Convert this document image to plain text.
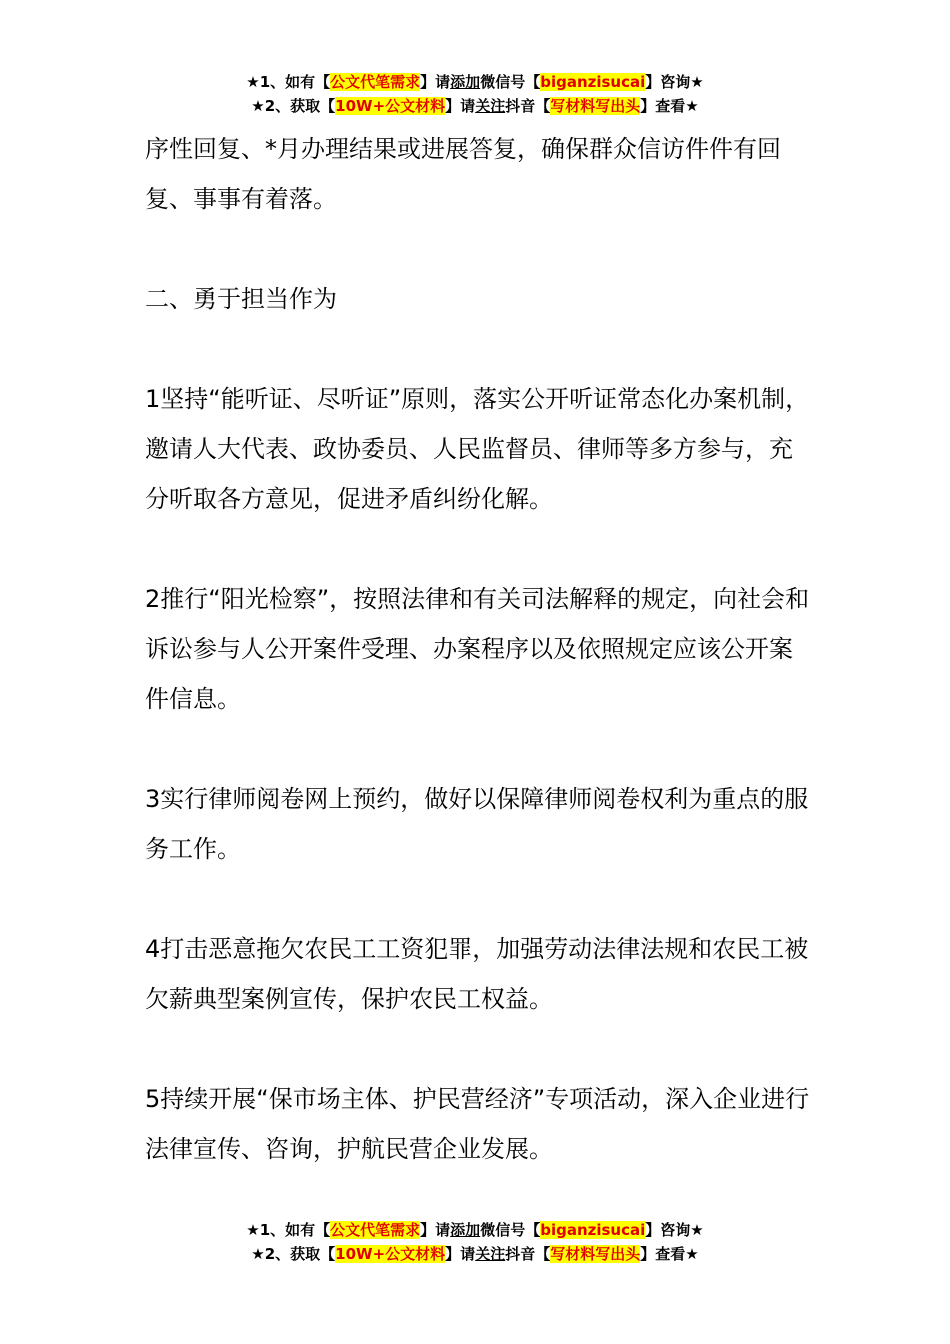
★1、如有【公文代笔需求】请添加微信号【biganzisucai】咨询★
★2、获取【10W+公文材料】请关注抖音【写材料写出头】查看★

序性回复、*月办理结果或进展答复，确保群众信访件件有回复、事事有着落。

二、勇于担当作为

1坚持“能听证、尽听证”原则，落实公开听证常态化办案机制，邀请人大代表、政协委员、人民监督员、律师等多方参与，充分听取各方意见，促进矛盾纠纷化解。

2推行“阳光检察”，按照法律和有关司法解释的规定，向社会和诉讼参与人公开案件受理、办案程序以及依照规定应该公开案件信息。

3实行律师阅卷网上预约，做好以保障律师阅卷权利为重点的服务工作。

4打击恶意拖欠农民工工资犯罪，加强劳动法律法规和农民工被欠薪典型案例宣传，保护农民工权益。

5持续开展“保市场主体、护民营经济”专项活动，深入企业进行法律宣传、咨询，护航民营企业发展。

★1、如有【公文代笔需求】请添加微信号【biganzisucai】咨询★
★2、获取【10W+公文材料】请关注抖音【写材料写出头】查看★
